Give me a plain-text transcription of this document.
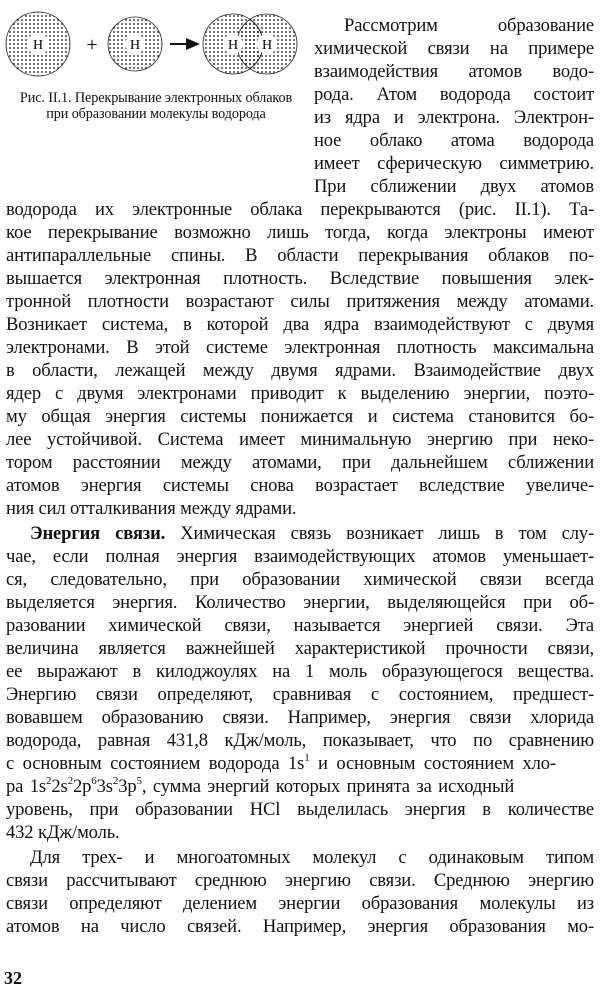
H + H	H H
Рис. II.1. Перекрывание электронных облаков при образовании молекулы водорода
Рассмотрим образование
химической связи на примере
взаимодействия атомов водо-
рода. Атом водорода состоит
из ядра и электрона. Электрон-
ное облако атома водорода
имеет сферическую симметрию.
При сближении двух атомов
водорода их электронные облака перекрываются (рис. II.1). Та-
кое перекрывание возможно лишь тогда, когда электроны имеют
антипараллельные спины. В области перекрывания облаков по-
вышается электронная плотность. Вследствие повышения элек-
тронной плотности возрастают силы притяжения между атомами.
Возникает система, в которой два ядра взаимодействуют с двумя
электронами. В этой системе электронная плотность максимальна
в области, лежащей между двумя ядрами. Взаимодействие двух
ядер с двумя электронами приводит к выделению энергии, поэто-
му общая энергия системы понижается и система становится бо-
лее устойчивой. Система имеет минимальную энергию при неко-
тором расстоянии между атомами, при дальнейшем сближении
атомов энергия системы снова возрастает вследствие увеличе-
ния сил отталкивания между ядрами.
Энергия связи. Химическая связь возникает лишь в том слу-
чае, если полная энергия взаимодействующих атомов уменьшает-
ся, следовательно, при образовании химической связи всегда
выделяется энергия. Количество энергии, выделяющейся при об-
разовании химической связи, называется энергией связи. Эта
величина является важнейшей характеристикой прочности связи,
ее выражают в килоджоулях на 1 моль образующегося вещества.
Энергию связи определяют, сравнивая с состоянием, предшест-
вовавшем образованию связи. Например, энергия связи хлорида
водорода, равная 431,8 кДж/моль, показывает, что по сравнению
с основным состоянием водорода $1s^1$ и основным состоянием хло-
ра $1s^22s^22p^63s^23p^5$, сумма энергий которых принята за исходный
уровень, при образовании HCl выделилась энергия в количестве
432 кДж/моль.
Для трех- и многоатомных молекул с одинаковым типом
связи рассчитывают среднюю энергию связи. Среднюю энергию
связи определяют делением энергии образования молекулы из
атомов на число связей. Например, энергия образования мо-
32
